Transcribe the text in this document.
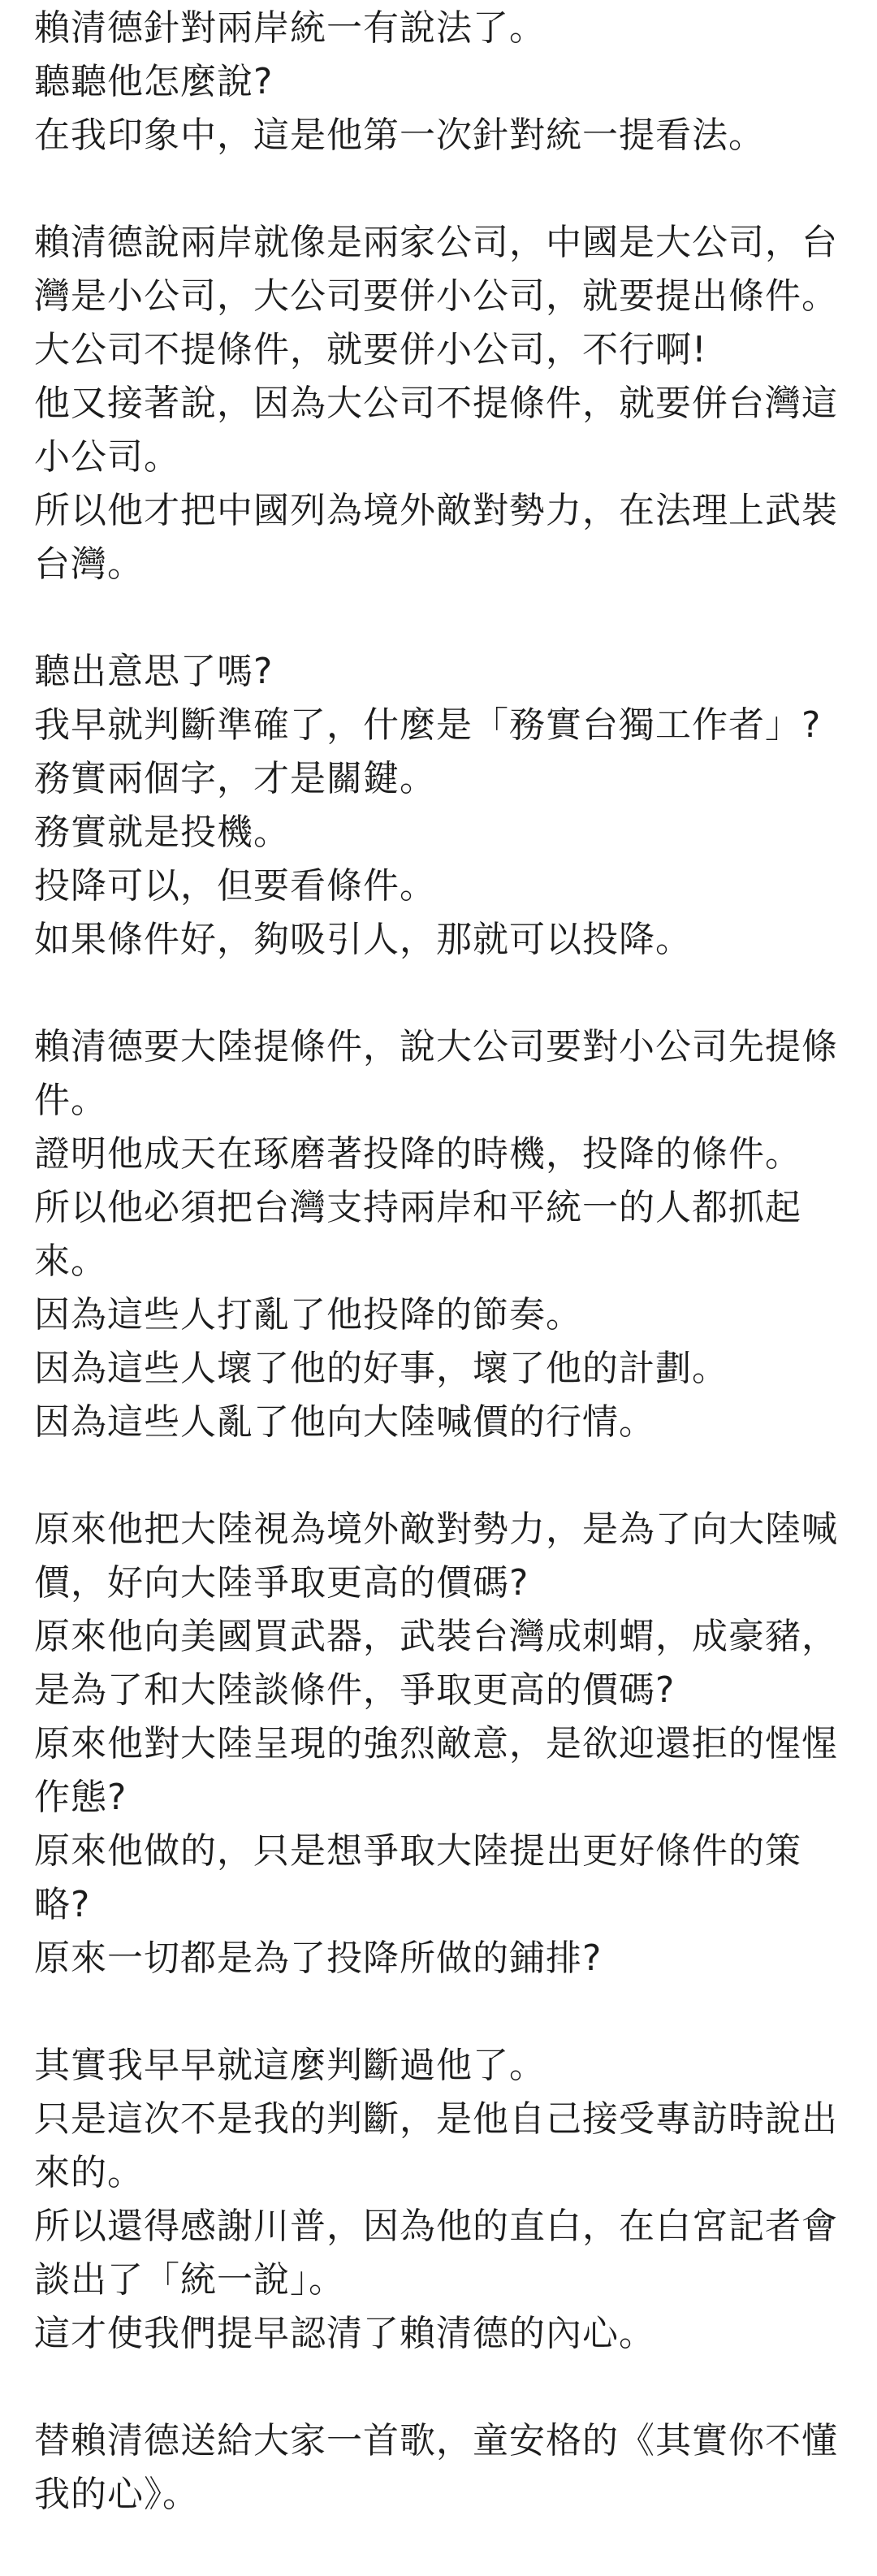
賴清德針對兩岸統一有說法了。
聽聽他怎麼說?
在我印象中，這是他第一次針對統一提看法。
賴清德說兩岸就像是兩家公司，中國是大公司，台
灣是小公司，大公司要併小公司，就要提出條件。
大公司不提條件，就要併小公司，不行啊!
他又接著說，因為大公司不提條件，就要併台灣這
小公司。
所以他才把中國列為境外敵對勢力，在法理上武裝
台灣。
聽出意思了嗎?
我早就判斷準確了，什麼是「務實台獨工作者」?
務實兩個字，才是關鍵。
務實就是投機。
投降可以，但要看條件。
如果條件好，夠吸引人，那就可以投降。
賴清德要大陸提條件，說大公司要對小公司先提條
件。
證明他成天在琢磨著投降的時機，投降的條件。
所以他必須把台灣支持兩岸和平統一的人都抓起
來。
因為這些人打亂了他投降的節奏。
因為這些人壞了他的好事，壞了他的計劃。
因為這些人亂了他向大陸喊價的行情。
原來他把大陸視為境外敵對勢力，是為了向大陸喊
價，好向大陸爭取更高的價碼?
原來他向美國買武器，武裝台灣成刺蝟，成豪豬，
是為了和大陸談條件，爭取更高的價碼?
原來他對大陸呈現的強烈敵意，是欲迎還拒的惺惺
作態?
原來他做的，只是想爭取大陸提出更好條件的策
略?
原來一切都是為了投降所做的鋪排?
其實我早早就這麼判斷過他了。
只是這次不是我的判斷，是他自己接受專訪時說出
來的。
所以還得感謝川普，因為他的直白，在白宮記者會
談出了「統一說」。
這才使我們提早認清了賴清德的內心。
替賴清德送給大家一首歌，童安格的《其實你不懂
我的心》。
